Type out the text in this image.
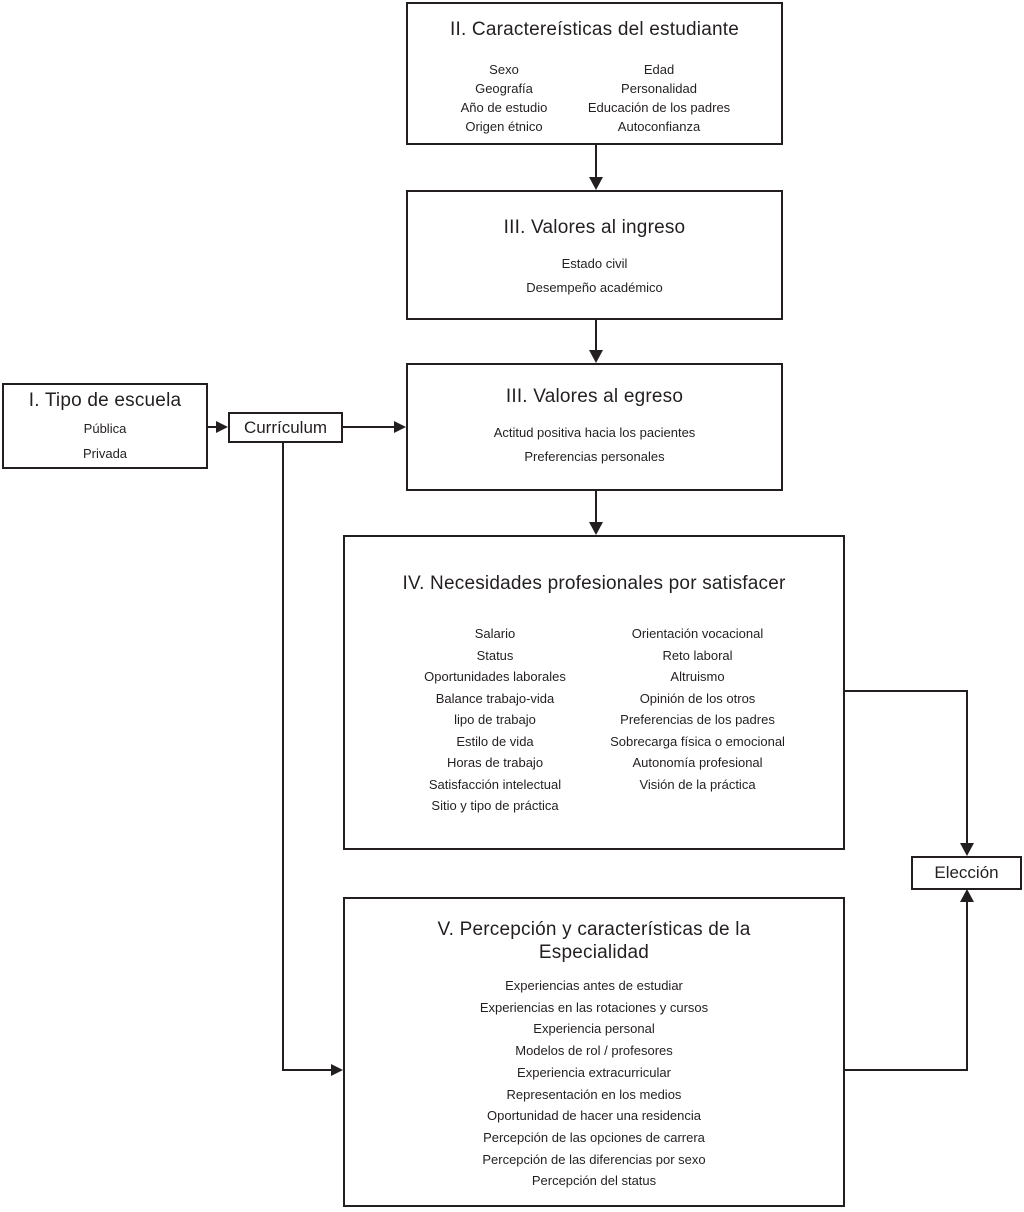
II. Caractereísticas del estudiante
Sexo
Geografía
Año de estudio
Origen étnico
Edad
Personalidad
Educación de los padres
Autoconfianza
III. Valores al ingreso
Estado civil
Desempeño académico
III. Valores al egreso
Actitud positiva hacia los pacientes
Preferencias personales
I. Tipo de escuela
Pública
Privada
Currículum
IV. Necesidades profesionales por satisfacer
Salario
Status
Oportunidades laborales
Balance trabajo-vida
lipo de trabajo
Estilo de vida
Horas de trabajo
Satisfacción intelectual
Sitio y tipo de práctica
Orientación vocacional
Reto laboral
Altruismo
Opinión de los otros
Preferencias de los padres
Sobrecarga física o emocional
Autonomía profesional
Visión de la práctica
V. Percepción y características de la
Especialidad
Experiencias antes de estudiar
Experiencias en las rotaciones y cursos
Experiencia personal
Modelos de rol / profesores
Experiencia extracurricular
Representación en los medios
Oportunidad de hacer una residencia
Percepción de las opciones de carrera
Percepción de las diferencias por sexo
Percepción del status
Elección
